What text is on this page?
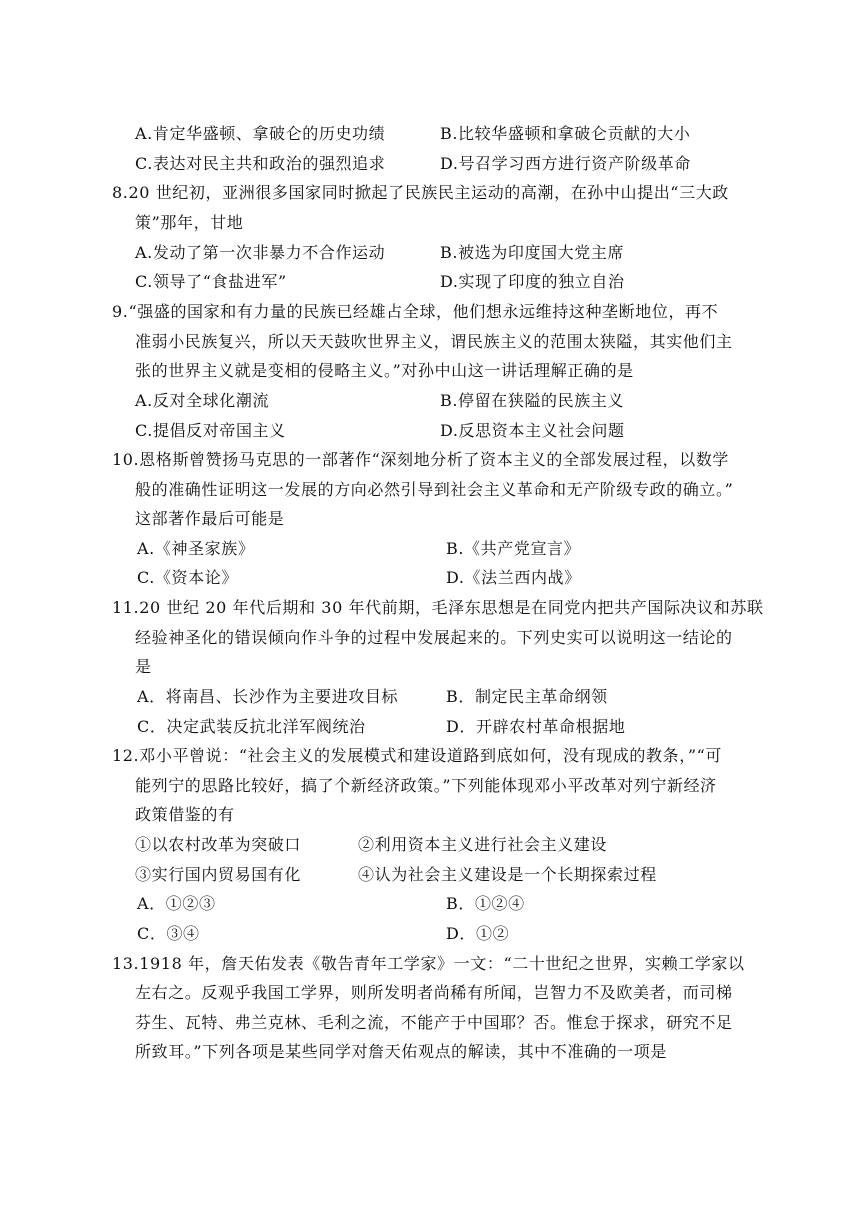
A.肯定华盛顿、拿破仑的历史功绩	B.比较华盛顿和拿破仑贡献的大小
C.表达对民主共和政治的强烈追求	D.号召学习西方进行资产阶级革命
8.20 世纪初，亚洲很多国家同时掀起了民族民主运动的高潮，在孙中山提出“三大政
策”那年，甘地
A.发动了第一次非暴力不合作运动	B.被选为印度国大党主席
C.领导了“食盐进军”	D.实现了印度的独立自治
9.“强盛的国家和有力量的民族已经雄占全球，他们想永远维持这种垄断地位，再不
准弱小民族复兴，所以天天鼓吹世界主义，谓民族主义的范围太狭隘，其实他们主
张的世界主义就是变相的侵略主义。”对孙中山这一讲话理解正确的是
A.反对全球化潮流	B.停留在狭隘的民族主义
C.提倡反对帝国主义	D.反思资本主义社会问题
10.恩格斯曾赞扬马克思的一部著作“深刻地分析了资本主义的全部发展过程，以数学
般的准确性证明这一发展的方向必然引导到社会主义革命和无产阶级专政的确立。”
这部著作最后可能是
A.《神圣家族》	B.《共产党宣言》
C.《资本论》	D.《法兰西内战》
11.20 世纪 20 年代后期和 30 年代前期，毛泽东思想是在同党内把共产国际决议和苏联
经验神圣化的错误倾向作斗争的过程中发展起来的。下列史实可以说明这一结论的
是
A．将南昌、长沙作为主要进攻目标	B．制定民主革命纲领
C．决定武装反抗北洋军阀统治	D．开辟农村革命根据地
12.邓小平曾说：“社会主义的发展模式和建设道路到底如何，没有现成的教条，”“可
能列宁的思路比较好，搞了个新经济政策。”下列能体现邓小平改革对列宁新经济
政策借鉴的有
①以农村改革为突破口	②利用资本主义进行社会主义建设
③实行国内贸易国有化	④认为社会主义建设是一个长期探索过程
A．①②③	B．①②④
C．③④	D．①②
13.1918 年，詹天佑发表《敬告青年工学家》一文：“二十世纪之世界，实赖工学家以
左右之。反观乎我国工学界，则所发明者尚稀有所闻，岂智力不及欧美者，而司梯
芬生、瓦特、弗兰克林、毛利之流，不能产于中国耶？否。惟怠于探求，研究不足
所致耳。”下列各项是某些同学对詹天佑观点的解读，其中不准确的一项是
